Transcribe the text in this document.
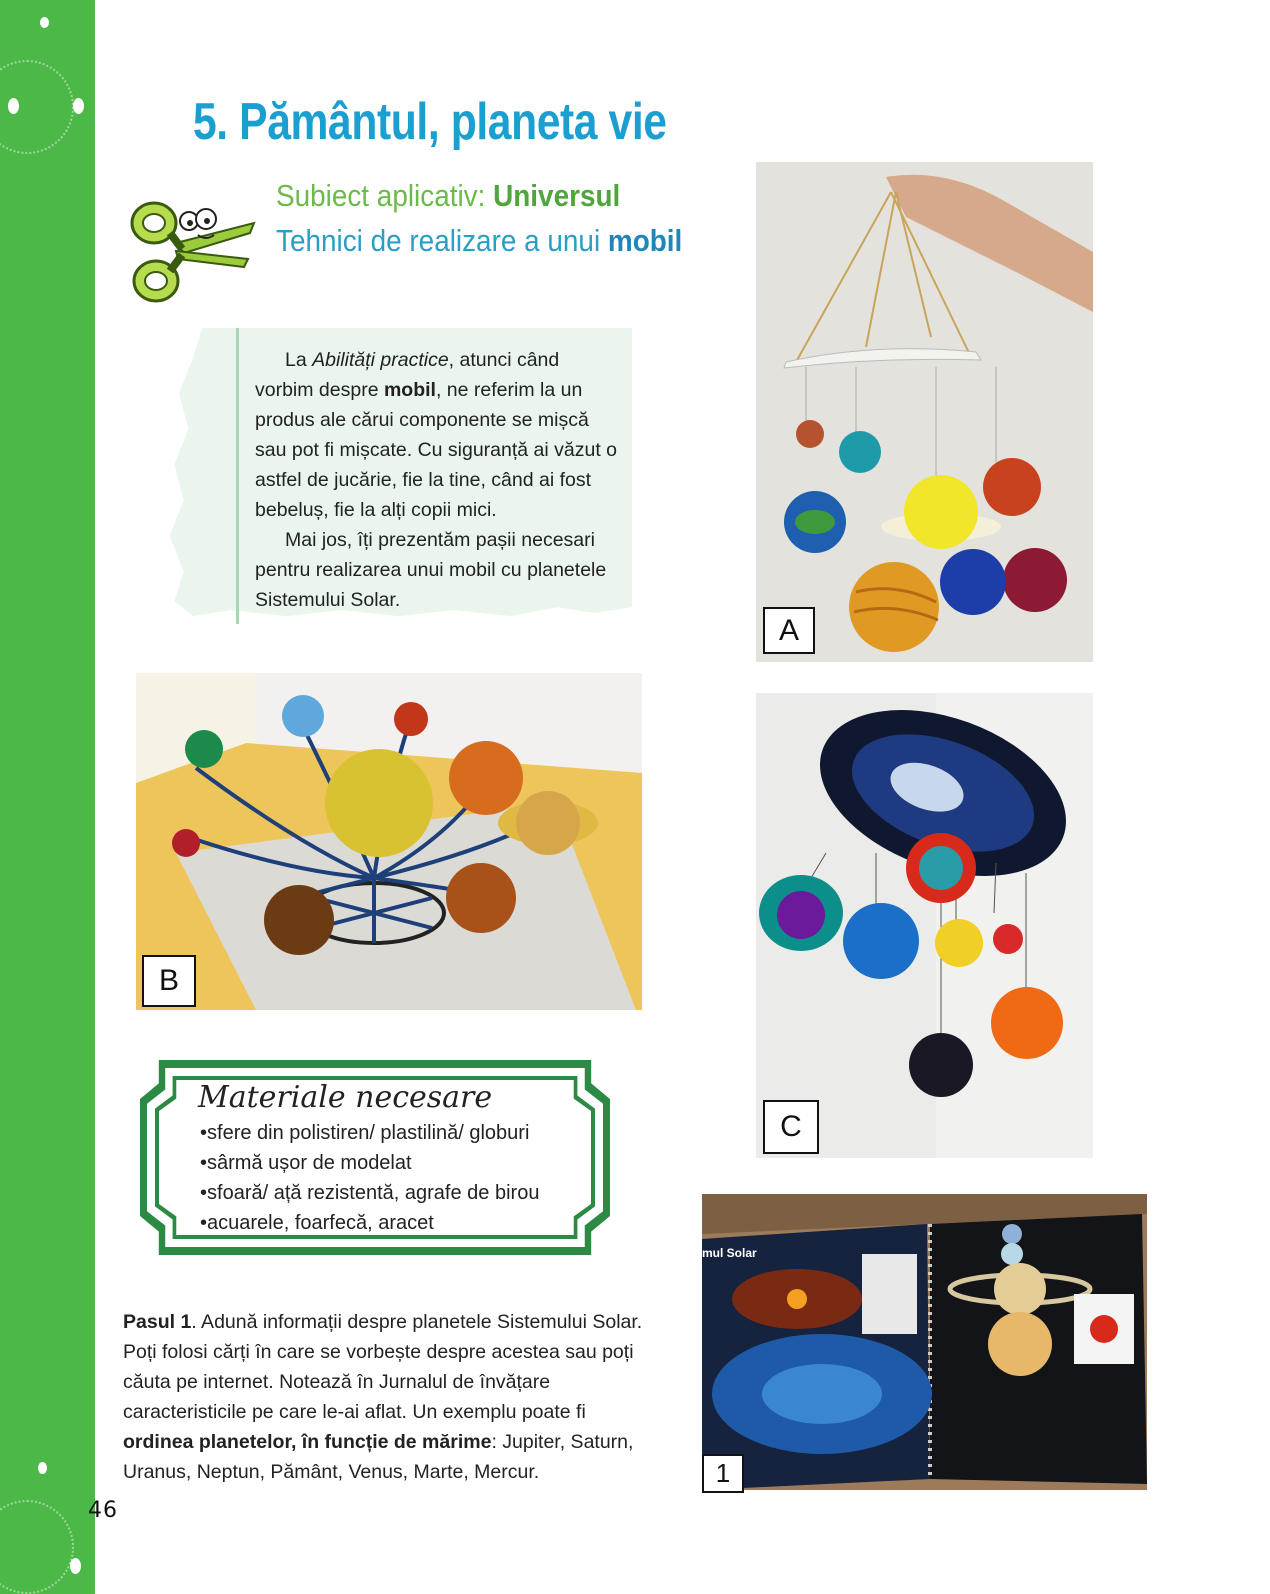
5. Pământul, planeta vie
Subiect aplicativ: Universul
Tehnici de realizare a unui mobil

La Abilități practice, atunci când vorbim despre mobil, ne referim la un produs ale cărui componente se mișcă sau pot fi mișcate. Cu siguranță ai văzut o astfel de jucărie, fie la tine, când ai fost bebeluș, fie la alți copii mici.

Mai jos, îți prezentăm pașii necesari pentru realizarea unui mobil cu planetele Sistemului Solar.

A
B
C
Materiale necesare
• sfere din polistiren/ plastilină/ globuri
• sârmă ușor de modelat
• sfoară/ ață rezistentă, agrafe de birou
• acuarele, foarfecă, aracet
Pasul 1. Adună informații despre planetele Sistemului Solar. Poți folosi cărți în care se vorbește despre acestea sau poți căuta pe internet. Notează în Jurnalul de învățare caracteristicile pe care le-ai aflat. Un exemplu poate fi ordinea planetelor, în funcție de mărime: Jupiter, Saturn, Uranus, Neptun, Pământ, Venus, Marte, Mercur.
mul Solar
1
46
